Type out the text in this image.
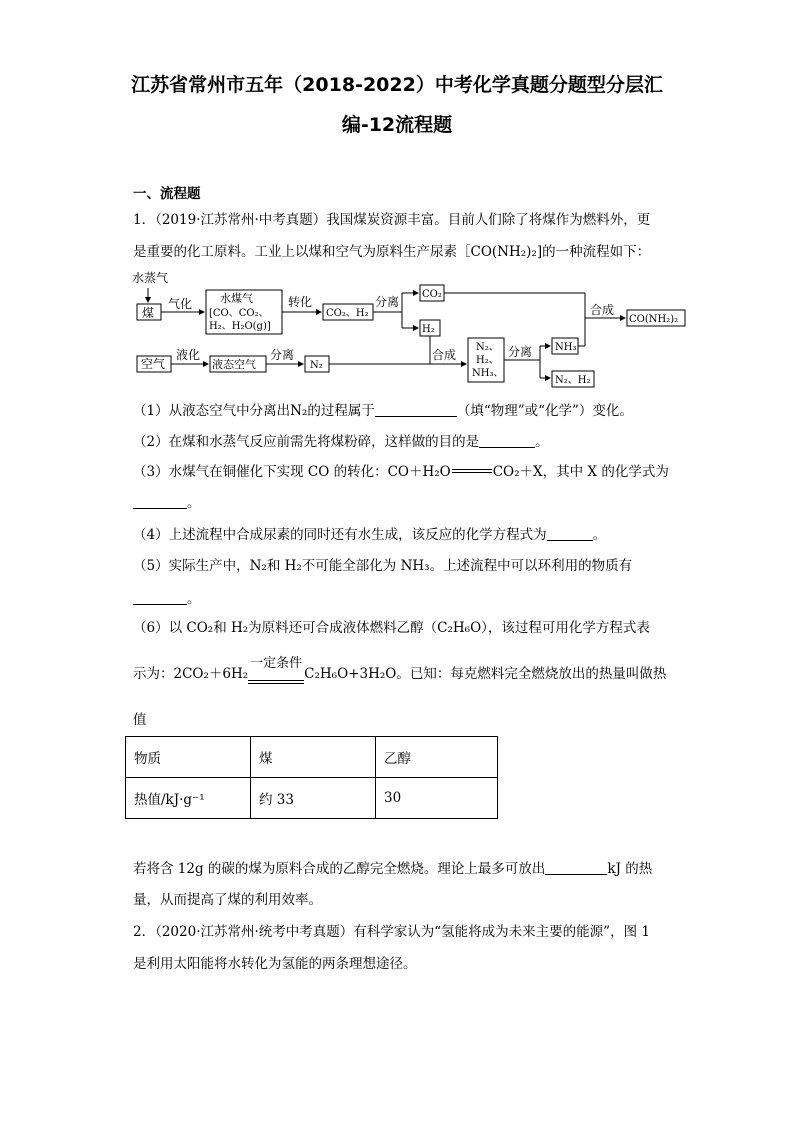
江苏省常州市五年（2018-2022）中考化学真题分题型分层汇
编-12流程题
一、流程题
1．（2019·江苏常州·中考真题）我国煤炭资源丰富。目前人们除了将煤作为燃料外，更
是重要的化工原料。工业上以煤和空气为原料生产尿素［CO(NH₂)₂]的一种流程如下：
水蒸气
煤
气化	水煤气
[CO、CO₂、
H₂、H₂O(g)]
转化
CO₂、H₂
分离
CO₂
H₂
空气
液化
液态空气
分离
N₂
合成
N₂、
H₂、
NH₃、
分离 NH₃
N₂、H₂
合成
CO(NH₂)₂
（1）从液态空气中分离出N₂的过程属于	（填“物理”或“化学”）变化。
（2）在煤和水蒸气反应前需先将煤粉碎，这样做的目的是	。
（3）水煤气在铜催化下实现 CO 的转化：CO＋H₂O	CO₂＋X，其中 X 的化学式为
。
（4）上述流程中合成尿素的同时还有水生成，该反应的化学方程式为	。
（5）实际生产中，N₂和 H₂不可能全部化为 NH₃。上述流程中可以环利用的物质有
。
（6）以 CO₂和 H₂为原料还可合成液体燃料乙醇（C₂H₆O），该过程可用化学方程式表
示为：2CO₂＋6H₂
一定条件
C₂H₆O+3H₂O。已知：每克燃料完全燃烧放出的热量叫做热
值
物质	煤	乙醇
热值/kJ·g⁻¹	约 33	30
若将含 12g 的碳的煤为原料合成的乙醇完全燃烧。理论上最多可放出	kJ 的热
量，从而提高了煤的利用效率。
2．（2020·江苏常州·统考中考真题）有科学家认为“氢能将成为未来主要的能源”，图 1
是利用太阳能将水转化为氢能的两条理想途径。
